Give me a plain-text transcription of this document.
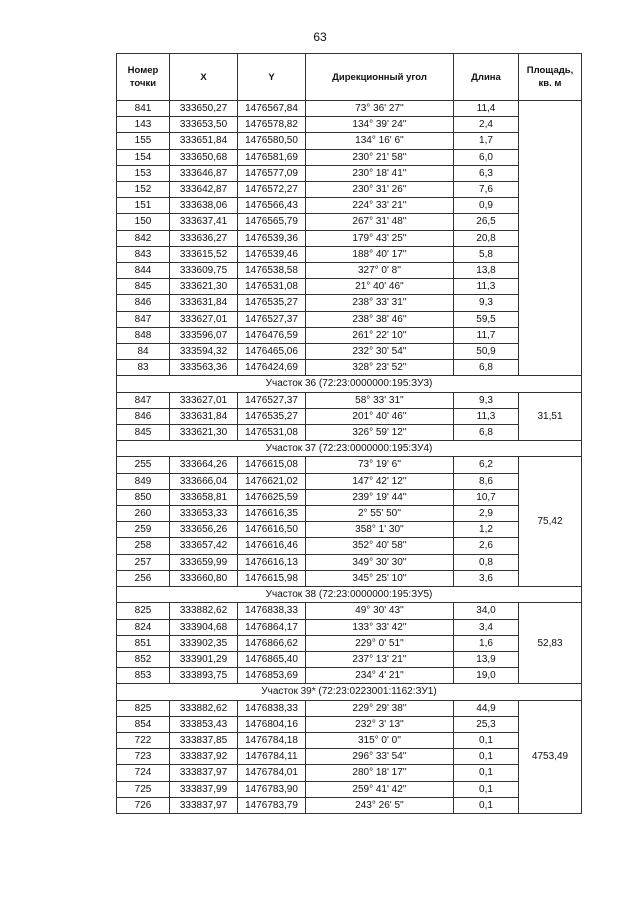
63
Номер точки	X	Y	Дирекционный угол	Длина	Площадь, кв. м
841	333650,27	1476567,84	73° 36' 27''	11,4	
143	333653,50	1476578,82	134° 39' 24''	2,4	
155	333651,84	1476580,50	134° 16' 6''	1,7	
154	333650,68	1476581,69	230° 21' 58''	6,0	
153	333646,87	1476577,09	230° 18' 41''	6,3	
152	333642,87	1476572,27	230° 31' 26''	7,6	
151	333638,06	1476566,43	224° 33' 21''	0,9	
150	333637,41	1476565,79	267° 31' 48''	26,5	
842	333636,27	1476539,36	179° 43' 25''	20,8	
843	333615,52	1476539,46	188° 40' 17''	5,8	
844	333609,75	1476538,58	327° 0' 8''	13,8	
845	333621,30	1476531,08	21° 40' 46''	11,3	
846	333631,84	1476535,27	238° 33' 31''	9,3	
847	333627,01	1476527,37	238° 38' 46''	59,5	
848	333596,07	1476476,59	261° 22' 10''	11,7	
84	333594,32	1476465,06	232° 30' 54''	50,9	
83	333563,36	1476424,69	328° 23' 52''	6,8	
Участок 36 (72:23:0000000:195:ЗУ3)					
847	333627,01	1476527,37	58° 33' 31''	9,3	31,51
846	333631,84	1476535,27	201° 40' 46''	11,3	
845	333621,30	1476531,08	326° 59' 12''	6,8	
Участок 37 (72:23:0000000:195:ЗУ4)					
255	333664,26	1476615,08	73° 19' 6''	6,2	75,42
849	333666,04	1476621,02	147° 42' 12''	8,6	
850	333658,81	1476625,59	239° 19' 44''	10,7	
260	333653,33	1476616,35	2° 55' 50''	2,9	
259	333656,26	1476616,50	358° 1' 30''	1,2	
258	333657,42	1476616,46	352° 40' 58''	2,6	
257	333659,99	1476616,13	349° 30' 30''	0,8	
256	333660,80	1476615,98	345° 25' 10''	3,6	
Участок 38 (72:23:0000000:195:ЗУ5)					
825	333882,62	1476838,33	49° 30' 43''	34,0	52,83
824	333904,68	1476864,17	133° 33' 42''	3,4	
851	333902,35	1476866,62	229° 0' 51''	1,6	
852	333901,29	1476865,40	237° 13' 21''	13,9	
853	333893,75	1476853,69	234° 4' 21''	19,0	
Участок 39* (72:23:0223001:1162:ЗУ1)					
825	333882,62	1476838,33	229° 29' 38''	44,9	4753,49
854	333853,43	1476804,16	232° 3' 13''	25,3	
722	333837,85	1476784,18	315° 0' 0''	0,1	
723	333837,92	1476784,11	296° 33' 54''	0,1	
724	333837,97	1476784,01	280° 18' 17''	0,1	
725	333837,99	1476783,90	259° 41' 42''	0,1	
726	333837,97	1476783,79	243° 26' 5''	0,1	
